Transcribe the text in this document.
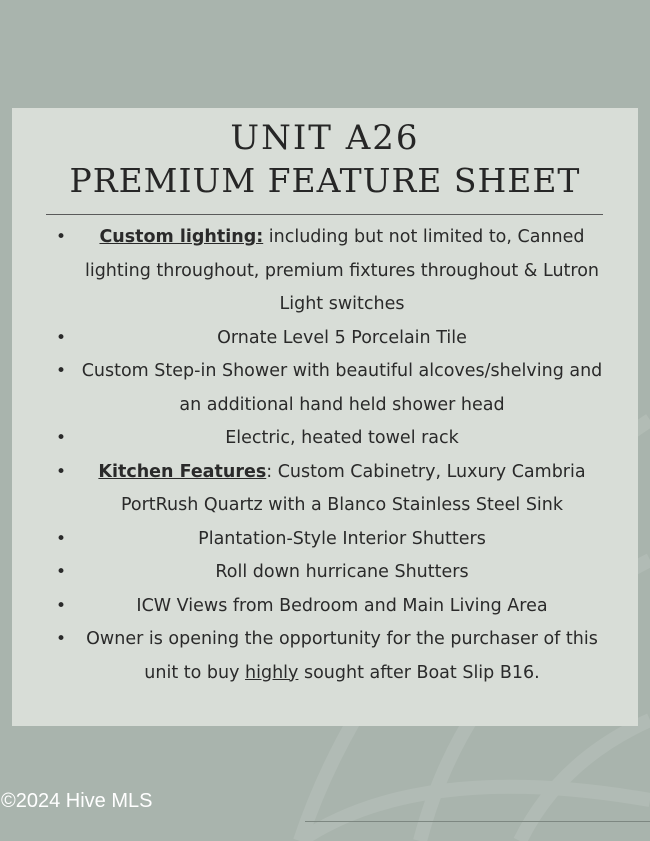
UNIT A26
PREMIUM FEATURE SHEET
• Custom lighting: including but not limited to, Canned lighting throughout, premium fixtures throughout & Lutron Light switches
•	Ornate Level 5 Porcelain Tile
• Custom Step-in Shower with beautiful alcoves/shelving and an additional hand held shower head
•	Electric, heated towel rack
• Kitchen Features: Custom Cabinetry, Luxury Cambria PortRush Quartz with a Blanco Stainless Steel Sink
•	Plantation-Style Interior Shutters
•	Roll down hurricane Shutters
•	ICW Views from Bedroom and Main Living Area
• Owner is opening the opportunity for the purchaser of this unit to buy highly sought after Boat Slip B16.
©2024 Hive MLS
